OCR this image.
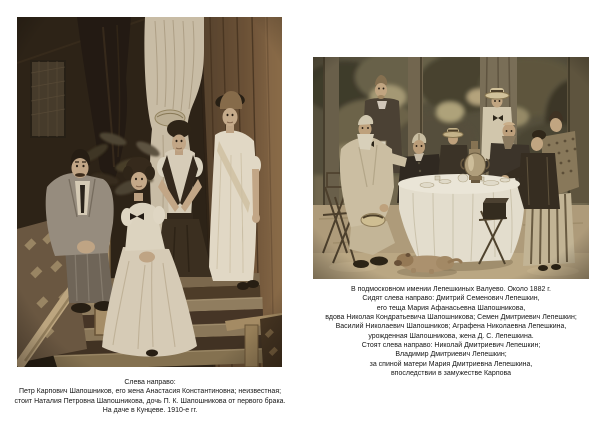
Слева направо:
Петр Карпович Шапошников, его жена Анастасия Константиновна; неизвестная;
стоит Наталия Петровна Шапошникова, дочь П. К. Шапошникова от первого брака.
На даче в Кунцеве. 1910-е гг.
В подмосковном имении Лепешкиных Валуево. Около 1882 г.
Сидят слева направо: Дмитрий Семенович Лепешкин,
его теща Мария Афанасьевна Шапошникова,
вдова Николая Кондратьевича Шапошникова; Семен Дмитриевич Лепешкин;
Василий Николаевич Шапошников; Аграфена Николаевна Лепешкина,
урожденная Шапошникова, жена Д. С. Лепешкина.
Стоят слева направо: Николай Дмитриевич Лепешкин;
Владимир Дмитриевич Лепешкин;
за спиной матери Мария Дмитриевна Лепешкина,
впоследствии в замужестве Карпова
